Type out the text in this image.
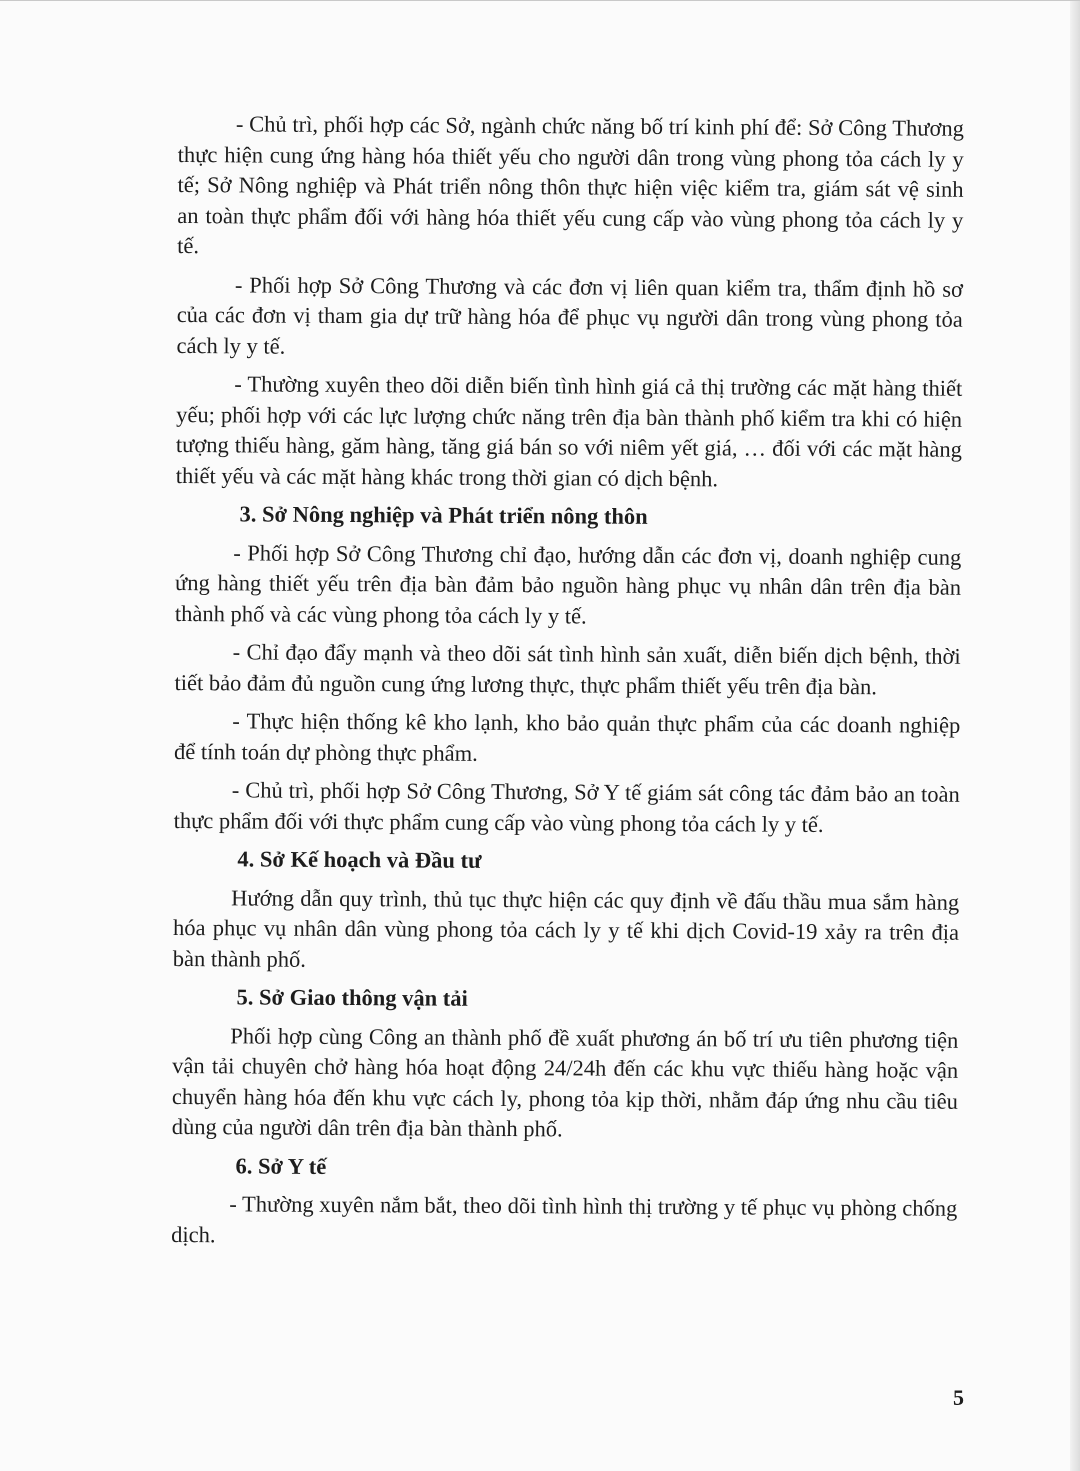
- Chủ trì, phối hợp các Sở, ngành chức năng bố trí kinh phí để: Sở Công Thương thực hiện cung ứng hàng hóa thiết yếu cho người dân trong vùng phong tỏa cách ly y tế; Sở Nông nghiệp và Phát triển nông thôn thực hiện việc kiểm tra, giám sát vệ sinh an toàn thực phẩm đối với hàng hóa thiết yếu cung cấp vào vùng phong tỏa cách ly y tế.

- Phối hợp Sở Công Thương và các đơn vị liên quan kiểm tra, thẩm định hồ sơ của các đơn vị tham gia dự trữ hàng hóa để phục vụ người dân trong vùng phong tỏa cách ly y tế.

- Thường xuyên theo dõi diễn biến tình hình giá cả thị trường các mặt hàng thiết yếu; phối hợp với các lực lượng chức năng trên địa bàn thành phố kiểm tra khi có hiện tượng thiếu hàng, găm hàng, tăng giá bán so với niêm yết giá, … đối với các mặt hàng thiết yếu và các mặt hàng khác trong thời gian có dịch bệnh.

3. Sở Nông nghiệp và Phát triển nông thôn

- Phối hợp Sở Công Thương chỉ đạo, hướng dẫn các đơn vị, doanh nghiệp cung ứng hàng thiết yếu trên địa bàn đảm bảo nguồn hàng phục vụ nhân dân trên địa bàn thành phố và các vùng phong tỏa cách ly y tế.

- Chỉ đạo đẩy mạnh và theo dõi sát tình hình sản xuất, diễn biến dịch bệnh, thời tiết bảo đảm đủ nguồn cung ứng lương thực, thực phẩm thiết yếu trên địa bàn.

- Thực hiện thống kê kho lạnh, kho bảo quản thực phẩm của các doanh nghiệp để tính toán dự phòng thực phẩm.

- Chủ trì, phối hợp Sở Công Thương, Sở Y tế giám sát công tác đảm bảo an toàn thực phẩm đối với thực phẩm cung cấp vào vùng phong tỏa cách ly y tế.

4. Sở Kế hoạch và Đầu tư

Hướng dẫn quy trình, thủ tục thực hiện các quy định về đấu thầu mua sắm hàng hóa phục vụ nhân dân vùng phong tỏa cách ly y tế khi dịch Covid-19 xảy ra trên địa bàn thành phố.

5. Sở Giao thông vận tải

Phối hợp cùng Công an thành phố đề xuất phương án bố trí ưu tiên phương tiện vận tải chuyên chở hàng hóa hoạt động 24/24h đến các khu vực thiếu hàng hoặc vận chuyển hàng hóa đến khu vực cách ly, phong tỏa kịp thời, nhằm đáp ứng nhu cầu tiêu dùng của người dân trên địa bàn thành phố.

6. Sở Y tế

- Thường xuyên nắm bắt, theo dõi tình hình thị trường y tế phục vụ phòng chống dịch.

5
